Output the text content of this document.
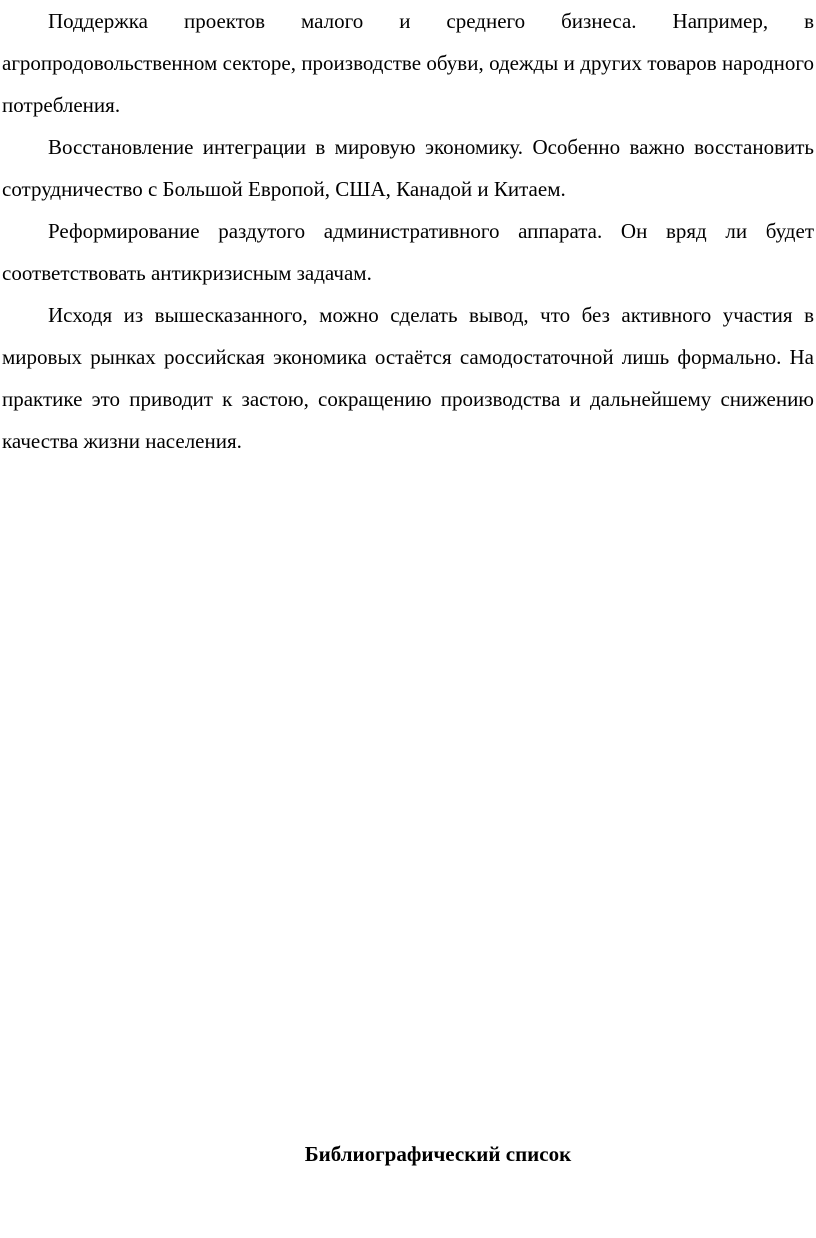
Поддержка проектов малого и среднего бизнеса. Например, в агропродовольственном секторе, производстве обуви, одежды и других товаров народного потребления.

Восстановление интеграции в мировую экономику. Особенно важно восстановить сотрудничество с Большой Европой, США, Канадой и Китаем.

Реформирование раздутого административного аппарата. Он вряд ли будет соответствовать антикризисным задачам.

Исходя из вышесказанного, можно сделать вывод, что без активного участия в мировых рынках российская экономика остаётся самодостаточной лишь формально. На практике это приводит к застою, сокращению производства и дальнейшему снижению качества жизни населения.

Библиографический список
